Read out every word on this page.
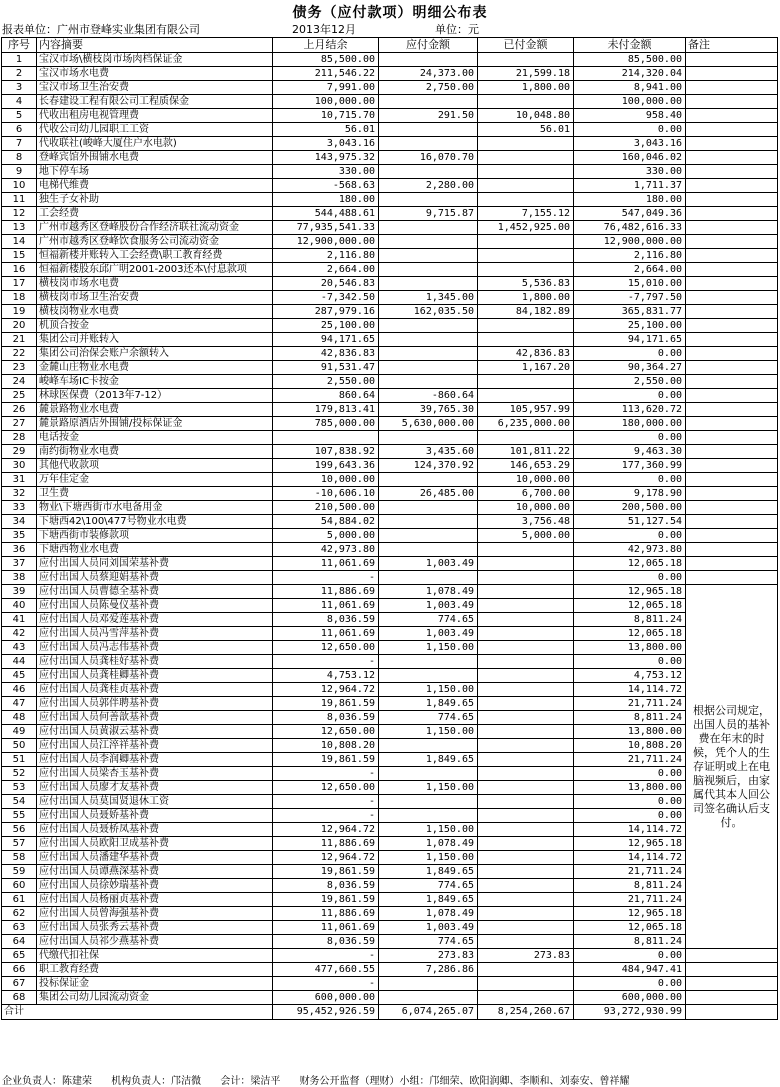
债务（应付款项）明细公布表
报表单位：广州市登峰实业集团有限公司	2013年12月	单位：元
序号	内容摘要	上月结余	应付金额	已付金额	未付金额	备注
1	宝汉市场\横枝岗市场肉档保证金	85,500.00			85,500.00	
2	宝汉市场水电费	211,546.22	24,373.00	21,599.18	214,320.04	
3	宝汉市场卫生治安费	7,991.00	2,750.00	1,800.00	8,941.00	
4	长春建设工程有限公司工程质保金	100,000.00			100,000.00	
5	代收出租房电视管理费	10,715.70	291.50	10,048.80	958.40	
6	代收公司幼儿园职工工资	56.01		56.01	0.00	
7	代收联社(峻峰大厦住户水电款)	3,043.16			3,043.16	
8	登峰宾馆外围铺水电费	143,975.32	16,070.70		160,046.02	
9	地下停车场	330.00			330.00	
10	电梯代维费	-568.63	2,280.00		1,711.37	
11	独生子女补助	180.00			180.00	
12	工会经费	544,488.61	9,715.87	7,155.12	547,049.36	
13	广州市越秀区登峰股份合作经济联社流动资金	77,935,541.33		1,452,925.00	76,482,616.33	
14	广州市越秀区登峰饮食服务公司流动资金	12,900,000.00			12,900,000.00	
15	恒福新楼并账转入工会经费\职工教育经费	2,116.80			2,116.80	
16	恒福新楼股东邱广明2001-2003还本\付息款项	2,664.00			2,664.00	
17	横枝岗市场水电费	20,546.83		5,536.83	15,010.00	
18	横枝岗市场卫生治安费	-7,342.50	1,345.00	1,800.00	-7,797.50	
19	横枝岗物业水电费	287,979.16	162,035.50	84,182.89	365,831.77	
20	机顶合按金	25,100.00			25,100.00	
21	集团公司并账转入	94,171.65			94,171.65	
22	集团公司治保会账户余额转入	42,836.83		42,836.83	0.00	
23	金麓山庄物业水电费	91,531.47		1,167.20	90,364.27	
24	峻峰车场IC卡按金	2,550.00			2,550.00	
25	林球医保费（2013年7-12）	860.64	-860.64		0.00	
26	麓景路物业水电费	179,813.41	39,765.30	105,957.99	113,620.72	
27	麓景路原酒店外围铺/投标保证金	785,000.00	5,630,000.00	6,235,000.00	180,000.00	
28	电话按金				0.00	
29	南约街物业水电费	107,838.92	3,435.60	101,811.22	9,463.30	
30	其他代收款项	199,643.36	124,370.92	146,653.29	177,360.99	
31	万年佳定金	10,000.00		10,000.00	0.00	
32	卫生费	-10,606.10	26,485.00	6,700.00	9,178.90	
33	物业\下塘西街市水电备用金	210,500.00		10,000.00	200,500.00	
34	下塘西42\100\477号物业水电费	54,884.02		3,756.48	51,127.54	
35	下塘西街市装修款项	5,000.00		5,000.00	0.00	
36	下塘西物业水电费	42,973.80			42,973.80	
37	应付出国人员同刘国荣基补费	11,061.69	1,003.49		12,065.18	
38	应付出国人员蔡迎娟基补费	-			0.00	
39	应付出国人员曹德全基补费	11,886.69	1,078.49		12,965.18	根据公司规定，出国人员的基补费在年末的时候，凭个人的生存证明或上在电脑视频后，由家属代其本人回公司签名确认后支付。
40	应付出国人员陈曼仪基补费	11,061.69	1,003.49		12,065.18	
41	应付出国人员邓爱莲基补费	8,036.59	774.65		8,811.24	
42	应付出国人员冯雪萍基补费	11,061.69	1,003.49		12,065.18	
43	应付出国人员冯志伟基补费	12,650.00	1,150.00		13,800.00	
44	应付出国人员龚桂好基补费	-			0.00	
45	应付出国人员龚桂卿基补费	4,753.12			4,753.12	
46	应付出国人员龚桂贞基补费	12,964.72	1,150.00		14,114.72	
47	应付出国人员郭伴聘基补费	19,861.59	1,849.65		21,711.24	
48	应付出国人员何善歆基补费	8,036.59	774.65		8,811.24	
49	应付出国人员黄淑云基补费	12,650.00	1,150.00		13,800.00	
50	应付出国人员江淬祥基补费	10,808.20			10,808.20	
51	应付出国人员李润卿基补费	19,861.59	1,849.65		21,711.24	
52	应付出国人员梁杏玉基补费	-			0.00	
53	应付出国人员廖才友基补费	12,650.00	1,150.00		13,800.00	
54	应付出国人员莫国贤退休工资	-			0.00	
55	应付出国人员聂娇基补费	-			0.00	
56	应付出国人员聂桥凤基补费	12,964.72	1,150.00		14,114.72	
57	应付出国人员欧阳卫成基补费	11,886.69	1,078.49		12,965.18	
58	应付出国人员潘建华基补费	12,964.72	1,150.00		14,114.72	
59	应付出国人员谭燕深基补费	19,861.59	1,849.65		21,711.24	
60	应付出国人员徐妙瑞基补费	8,036.59	774.65		8,811.24	
61	应付出国人员杨丽贞基补费	19,861.59	1,849.65		21,711.24	
62	应付出国人员曾海强基补费	11,886.69	1,078.49		12,965.18	
63	应付出国人员张秀云基补费	11,061.69	1,003.49		12,065.18	
64	应付出国人员祁少燕基补费	8,036.59	774.65		8,811.24	
65	代缴代扣社保	-	273.83	273.83	0.00	
66	职工教育经费	477,660.55	7,286.86		484,947.41	
67	投标保证金	-			0.00	
68	集团公司幼儿园流动资金	600,000.00			600,000.00	
合计		95,452,926.59	6,074,265.07	8,254,260.67	93,272,930.99	
企业负责人：陈建荣 机构负责人：邝洁微 会计：梁洁平 财务公开监督（理财）小组：邝细荣、欧阳润卿、李顺和、刘泰安、曾祥耀
